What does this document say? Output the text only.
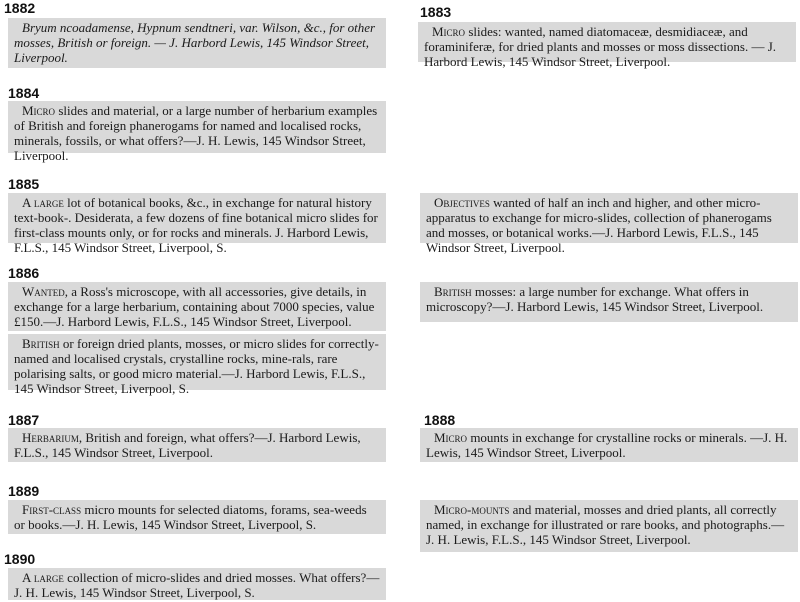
1882	1883
1884
1885
1886
1887	1888
1889
1890

Bryum ncoadamense, Hypnum sendtneri, var. Wilson, &c., for other mosses, British or foreign. — J. Harbord Lewis, 145 Windsor Street, Liverpool.

Micro slides: wanted, named diatomaceæ, desmidiaceæ, and foraminiferæ, for dried plants and mosses or moss dissections. — J. Harbord Lewis, 145 Windsor Street, Liverpool.

Micro slides and material, or a large number of herbarium examples of British and foreign phanerogams for named and localised rocks, minerals, fossils, or what offers?—J. H. Lewis, 145 Windsor Street, Liverpool.

A large lot of botanical books, &c., in exchange for natural history text-book-. Desiderata, a few dozens of fine botanical micro slides for first-class mounts only, or for rocks and minerals. J. Harbord Lewis, F.L.S., 145 Windsor Street, Liverpool, S.

Objectives wanted of half an inch and higher, and other micro-apparatus to exchange for micro-slides, collection of phanerogams and mosses, or botanical works.—J. Harbord Lewis, F.L.S., 145 Windsor Street, Liverpool.

Wanted, a Ross's microscope, with all accessories, give details, in exchange for a large herbarium, containing about 7000 species, value £150.—J. Harbord Lewis, F.L.S., 145 Windsor Street, Liverpool.

British mosses: a large number for exchange. What offers in microscopy?—J. Harbord Lewis, 145 Windsor Street, Liverpool.

British or foreign dried plants, mosses, or micro slides for correctly-named and localised crystals, crystalline rocks, mine-rals, rare polarising salts, or good micro material.—J. Harbord Lewis, F.L.S., 145 Windsor Street, Liverpool, S.

Herbarium, British and foreign, what offers?—J. Harbord Lewis, F.L.S., 145 Windsor Street, Liverpool.

Micro mounts in exchange for crystalline rocks or minerals. —J. H. Lewis, 145 Windsor Street, Liverpool.

First-class micro mounts for selected diatoms, forams, sea-weeds or books.—J. H. Lewis, 145 Windsor Street, Liverpool, S.

Micro-mounts and material, mosses and dried plants, all correctly named, in exchange for illustrated or rare books, and photographs.—J. H. Lewis, F.L.S., 145 Windsor Street, Liverpool.

A large collection of micro-slides and dried mosses. What offers?—J. H. Lewis, 145 Windsor Street, Liverpool, S.
